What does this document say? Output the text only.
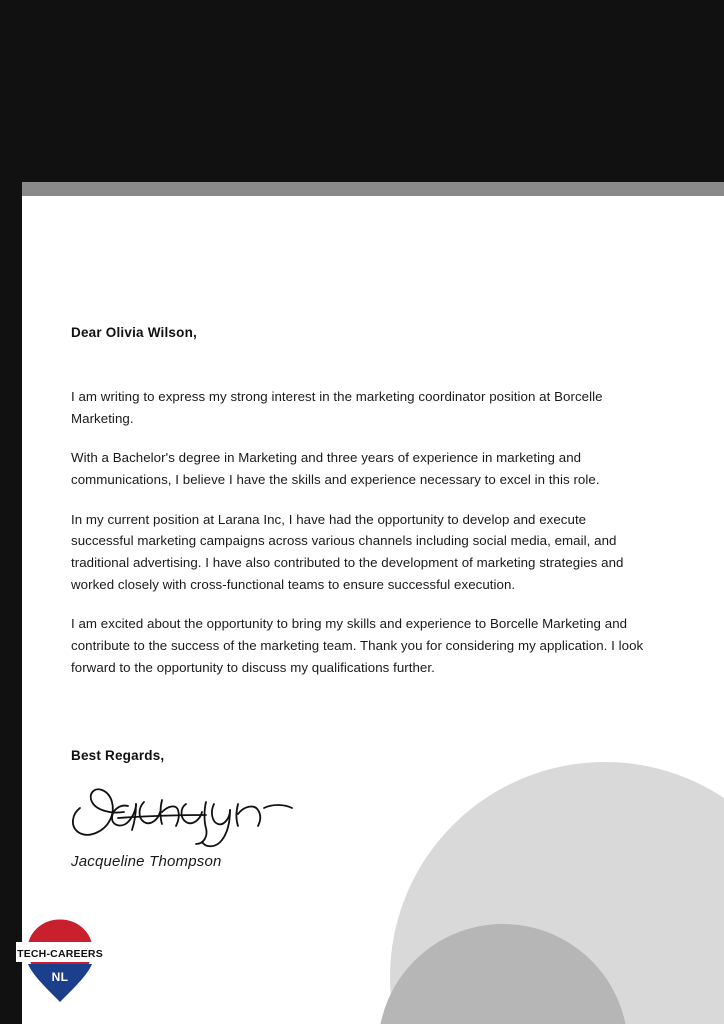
Dear Olivia Wilson,

I am writing to express my strong interest in the marketing coordinator position at Borcelle Marketing.

With a Bachelor's degree in Marketing and three years of experience in marketing and communications, I believe I have the skills and experience necessary to excel in this role.

In my current position at Larana Inc, I have had the opportunity to develop and execute successful marketing campaigns across various channels including social media, email, and traditional advertising. I have also contributed to the development of marketing strategies and worked closely with cross-functional teams to ensure successful execution.

I am excited about the opportunity to bring my skills and experience to Borcelle Marketing and contribute to the success of the marketing team. Thank you for considering my application. I look forward to the opportunity to discuss my qualifications further.

Best Regards,
Jacqueline Thompson
TECH-CAREERS
NL
